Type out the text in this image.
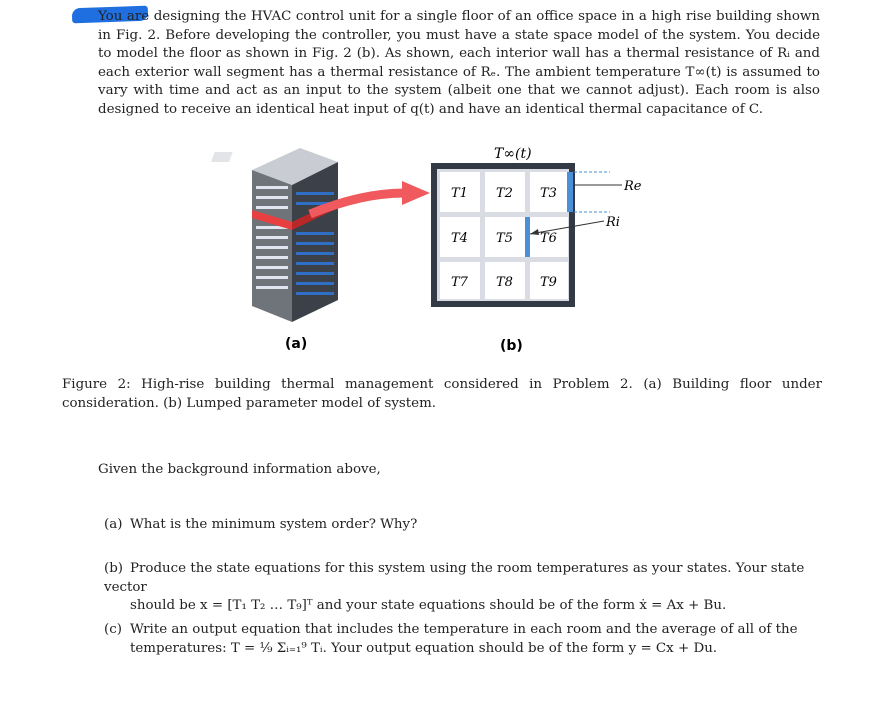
You are designing the HVAC control unit for a single floor of an office space in a high rise building shown in Fig. 2. Before developing the controller, you must have a state space model of the system. You decide to model the floor as shown in Fig. 2 (b). As shown, each interior wall has a thermal resistance of Rᵢ and each exterior wall segment has a thermal resistance of Rₑ. The ambient temperature T∞(t) is assumed to vary with time and act as an input to the system (albeit one that we cannot adjust). Each room is also designed to receive an identical heat input of q(t) and have an identical thermal capacitance of C.
T∞(t)
Re
Ri
T1 T2 T3
T4 T5 T6
T7 T8 T9
(a)	(b)
Figure 2: High-rise building thermal management considered in Problem 2. (a) Building floor under consideration. (b) Lumped parameter model of system.
Given the background information above,
(a) What is the minimum system order? Why?
(b) Produce the state equations for this system using the room temperatures as your states. Your state vector
should be x = [T₁ T₂ … T₉]ᵀ and your state equations should be of the form ẋ = Ax + Bu.
(c) Write an output equation that includes the temperature in each room and the average of all of the
temperatures: T = ⅑ Σᵢ₌₁⁹ Tᵢ. Your output equation should be of the form y = Cx + Du.
